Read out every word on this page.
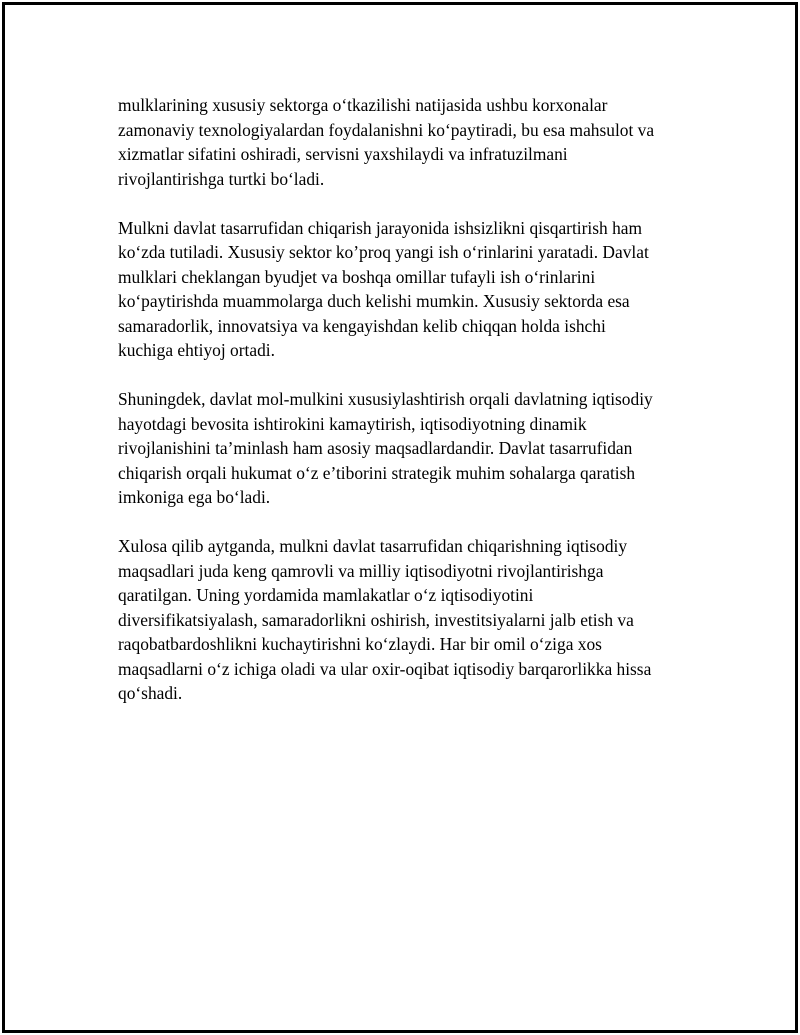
mulklarining xususiy sektorga o‘tkazilishi natijasida ushbu korxonalar
zamonaviy texnologiyalardan foydalanishni ko‘paytiradi, bu esa mahsulot va
xizmatlar sifatini oshiradi, servisni yaxshilaydi va infratuzilmani
rivojlantirishga turtki bo‘ladi.

Mulkni davlat tasarrufidan chiqarish jarayonida ishsizlikni qisqartirish ham
ko‘zda tutiladi. Xususiy sektor ko’proq yangi ish o‘rinlarini yaratadi. Davlat
mulklari cheklangan byudjet va boshqa omillar tufayli ish o‘rinlarini
ko‘paytirishda muammolarga duch kelishi mumkin. Xususiy sektorda esa
samaradorlik, innovatsiya va kengayishdan kelib chiqqan holda ishchi
kuchiga ehtiyoj ortadi.

Shuningdek, davlat mol-mulkini xususiylashtirish orqali davlatning iqtisodiy
hayotdagi bevosita ishtirokini kamaytirish, iqtisodiyotning dinamik
rivojlanishini ta’minlash ham asosiy maqsadlardandir. Davlat tasarrufidan
chiqarish orqali hukumat o‘z e’tiborini strategik muhim sohalarga qaratish
imkoniga ega bo‘ladi.

Xulosa qilib aytganda, mulkni davlat tasarrufidan chiqarishning iqtisodiy
maqsadlari juda keng qamrovli va milliy iqtisodiyotni rivojlantirishga
qaratilgan. Uning yordamida mamlakatlar o‘z iqtisodiyotini
diversifikatsiyalash, samaradorlikni oshirish, investitsiyalarni jalb etish va
raqobatbardoshlikni kuchaytirishni ko‘zlaydi. Har bir omil o‘ziga xos
maqsadlarni o‘z ichiga oladi va ular oxir-oqibat iqtisodiy barqarorlikka hissa
qo‘shadi.
